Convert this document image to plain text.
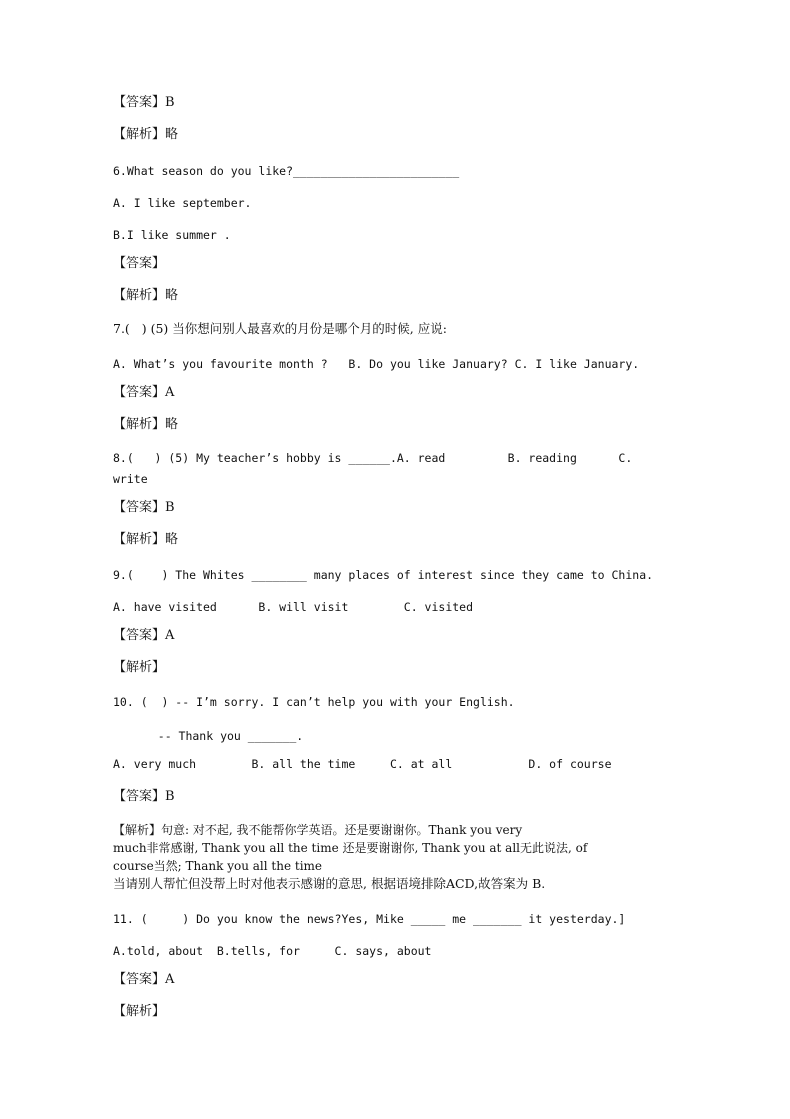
【答案】B
【解析】略
6.What season do you like?________________________
A. I like september.
B.I like summer .
【答案】
【解析】略
7.(   ) (5) 当你想问别人最喜欢的月份是哪个月的时候, 应说:
A. What’s you favourite month ?   B. Do you like January? C. I like January.
【答案】A
【解析】略
8.(   ) (5) My teacher’s hobby is ______.A. read         B. reading      C.
write
【答案】B
【解析】略
9.(    ) The Whites ________ many places of interest since they came to China.
A. have visited      B. will visit        C. visited
【答案】A
【解析】
10. (  ) -- I’m sorry. I can’t help you with your English.
-- Thank you _______.
A. very much        B. all the time     C. at all           D. of course
【答案】B
【解析】句意: 对不起, 我不能帮你学英语。还是要谢谢你。Thank you very
much非常感谢, Thank you all the time 还是要谢谢你, Thank you at all无此说法, of
course当然; Thank you all the time
当请别人帮忙但没帮上时对他表示感谢的意思, 根据语境排除ACD,故答案为 B.
11. (     ) Do you know the news?Yes, Mike _____ me _______ it yesterday.]
A.told, about  B.tells, for     C. says, about
【答案】A
【解析】
